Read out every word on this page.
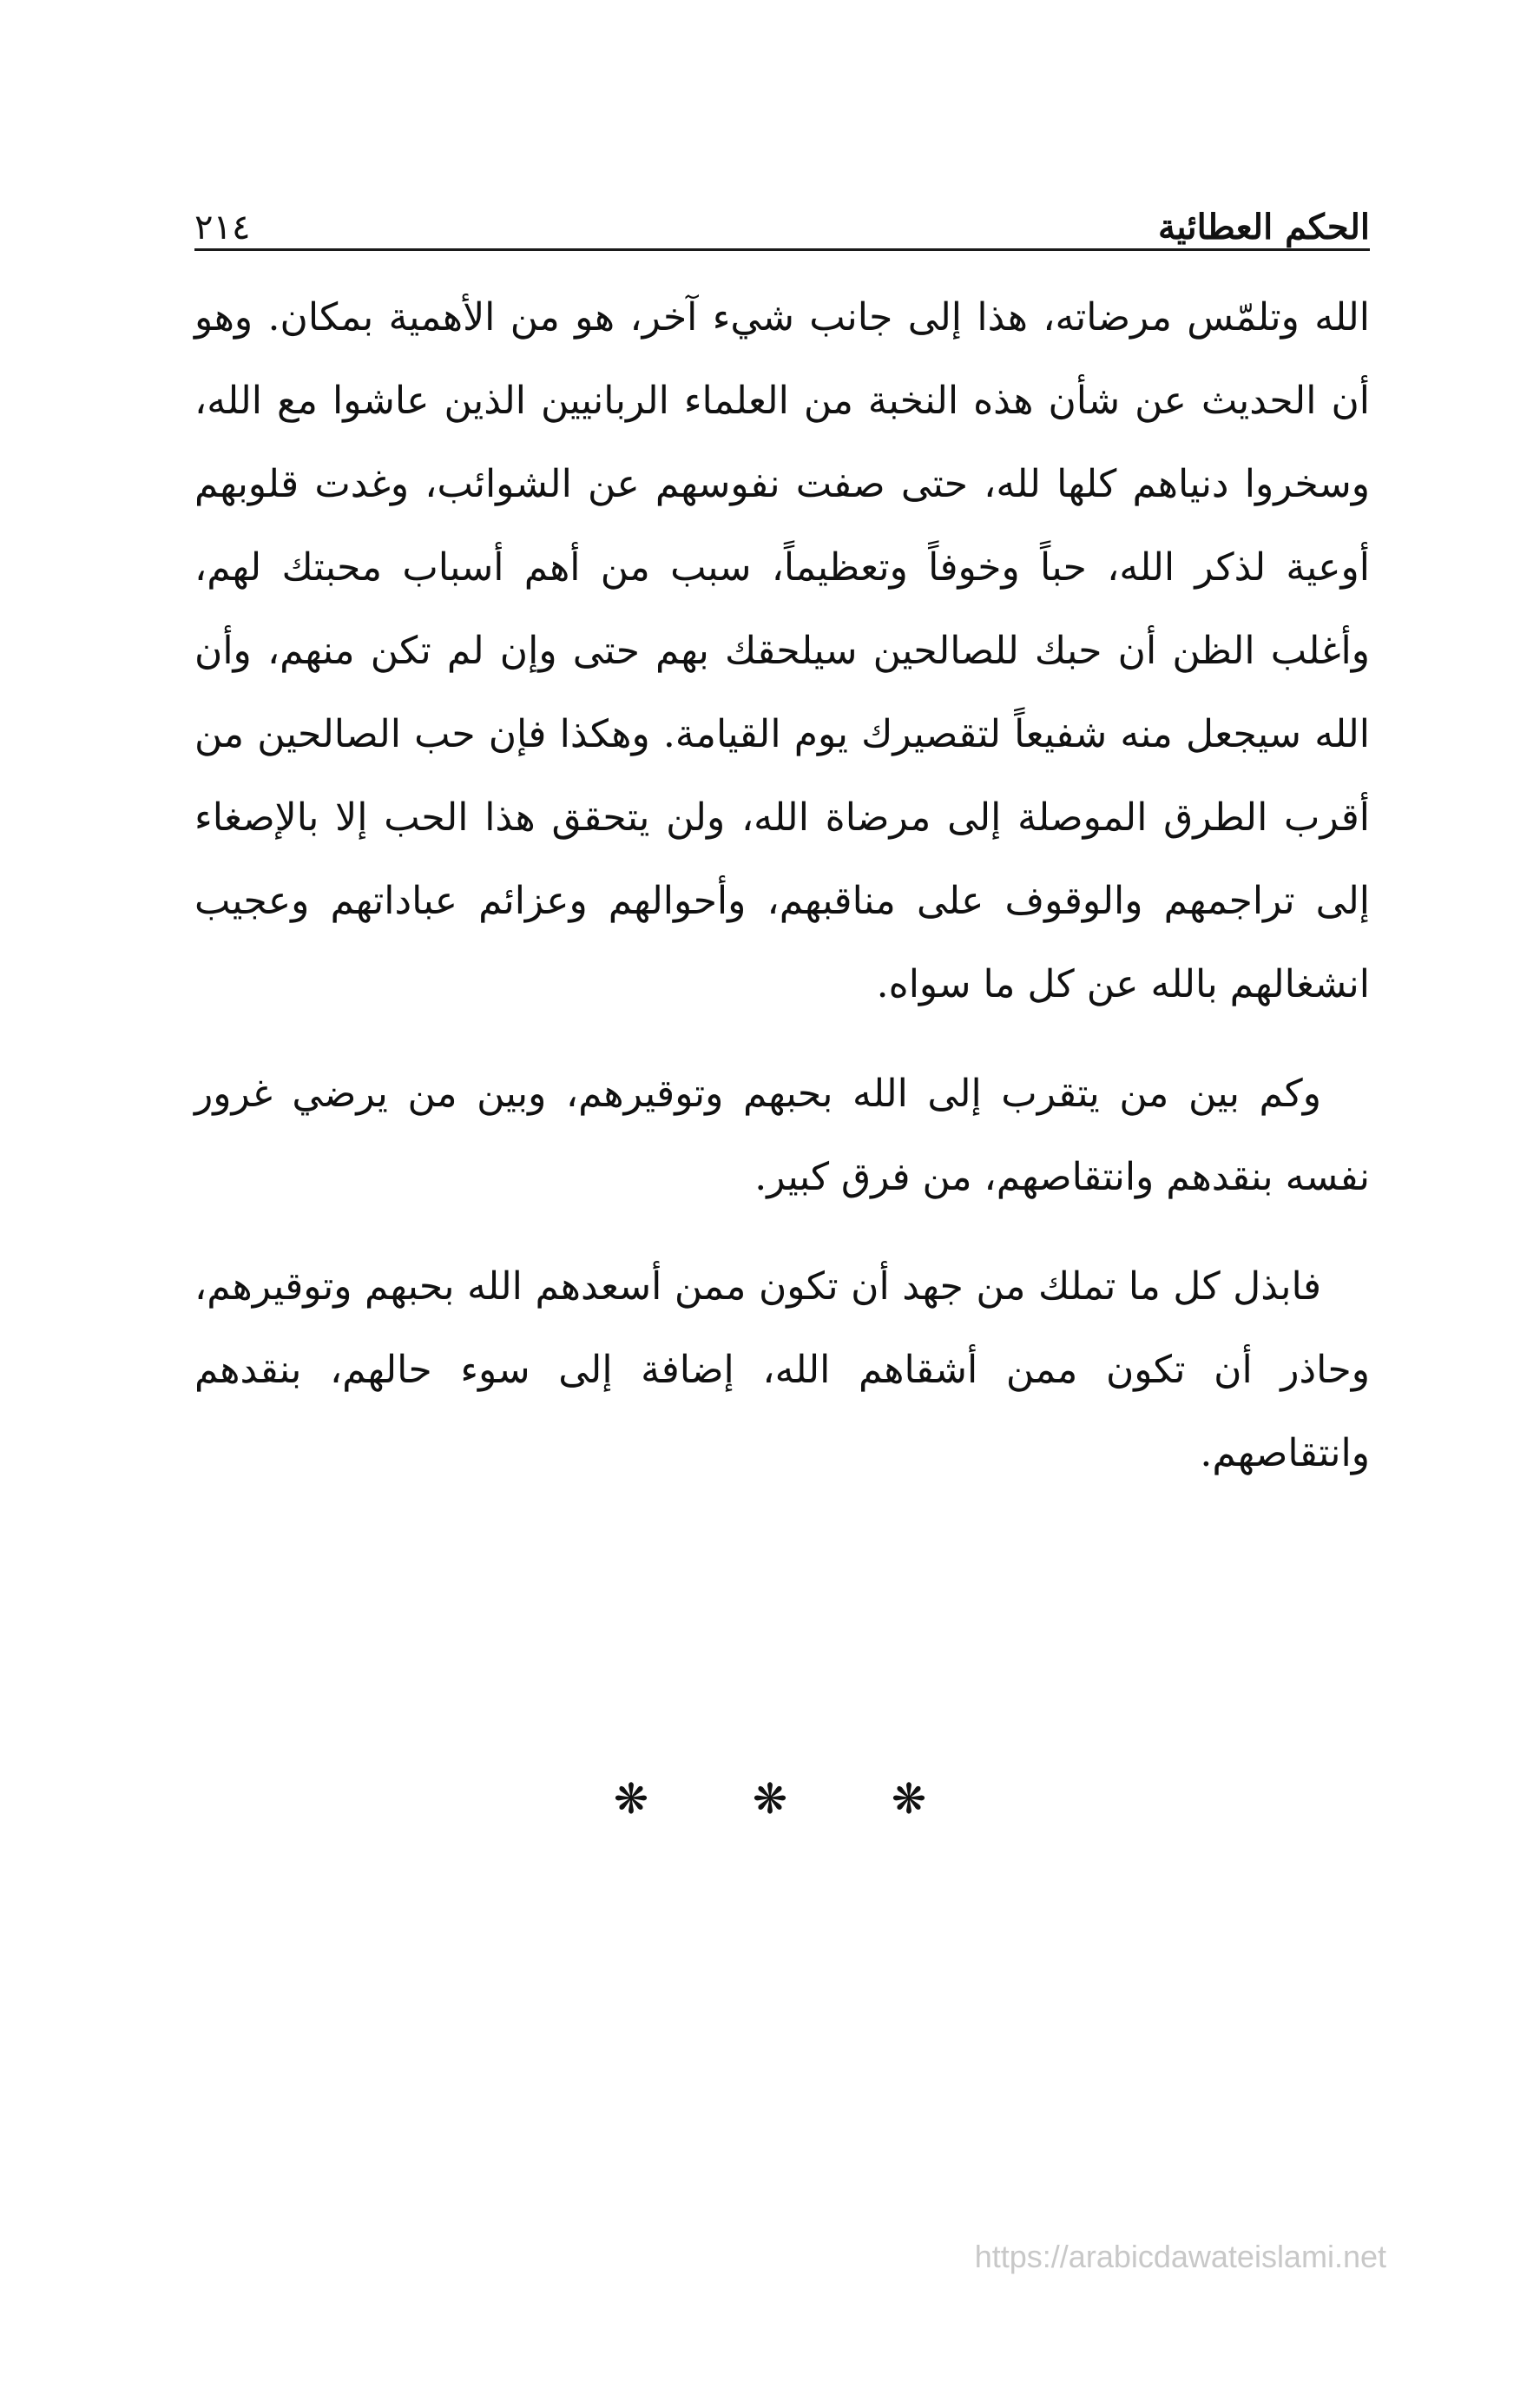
الحكم العطائية
٢١٤

الله وتلمّس مرضاته، هذا إلى جانب شيء آخر، هو من الأهمية بمكان. وهو أن الحديث عن شأن هذه النخبة من العلماء الربانيين الذين عاشوا مع الله، وسخروا دنياهم كلها لله، حتى صفت نفوسهم عن الشوائب، وغدت قلوبهم أوعية لذكر الله، حباً وخوفاً وتعظيماً، سبب من أهم أسباب محبتك لهم، وأغلب الظن أن حبك للصالحين سيلحقك بهم حتى وإن لم تكن منهم، وأن الله سيجعل منه شفيعاً لتقصيرك يوم القيامة. وهكذا فإن حب الصالحين من أقرب الطرق الموصلة إلى مرضاة الله، ولن يتحقق هذا الحب إلا بالإصغاء إلى تراجمهم والوقوف على مناقبهم، وأحوالهم وعزائم عباداتهم وعجيب انشغالهم بالله عن كل ما سواه.

وكم بين من يتقرب إلى الله بحبهم وتوقيرهم، وبين من يرضي غرور نفسه بنقدهم وانتقاصهم، من فرق كبير.

فابذل كل ما تملك من جهد أن تكون ممن أسعدهم الله بحبهم وتوقيرهم، وحاذر أن تكون ممن أشقاهم الله، إضافة إلى سوء حالهم، بنقدهم وانتقاصهم.

❋ ❋ ❋
https://arabicdawateislami.net
